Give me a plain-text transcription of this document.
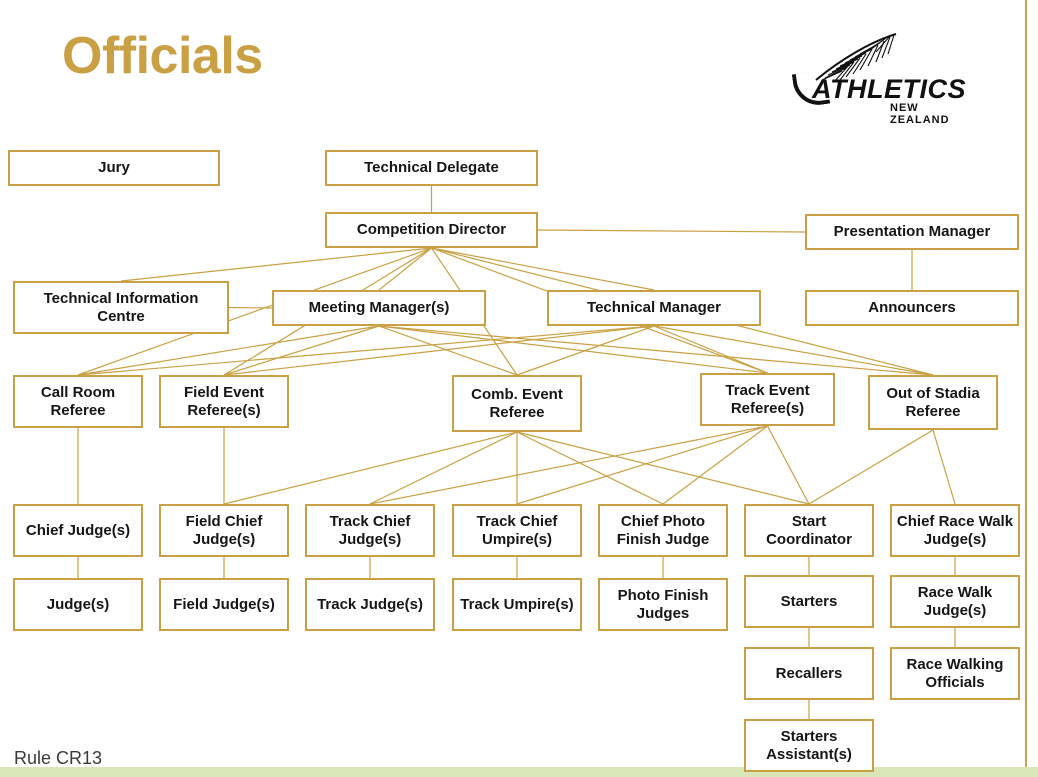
Officials
ATHLETICS
NEW ZEALAND
Jury	Technical Delegate
Competition Director	Presentation Manager
Technical Information Centre	Meeting Manager(s)	Technical Manager	Announcers
Call Room Referee
Field Event Referee(s)
Comb. Event Referee
Track Event Referee(s)
Out of Stadia Referee
Chief Judge(s)
Field Chief Judge(s)
Track Chief Judge(s)
Track Chief Umpire(s)
Chief Photo Finish Judge
Start Coordinator
Chief Race Walk Judge(s)
Judge(s)	Field Judge(s)	Track Judge(s) Track Umpire(s)
Photo Finish Judges
Starters
Race Walk Judge(s)
Recallers
Race Walking Officials
Starters Assistant(s)
Rule CR13
